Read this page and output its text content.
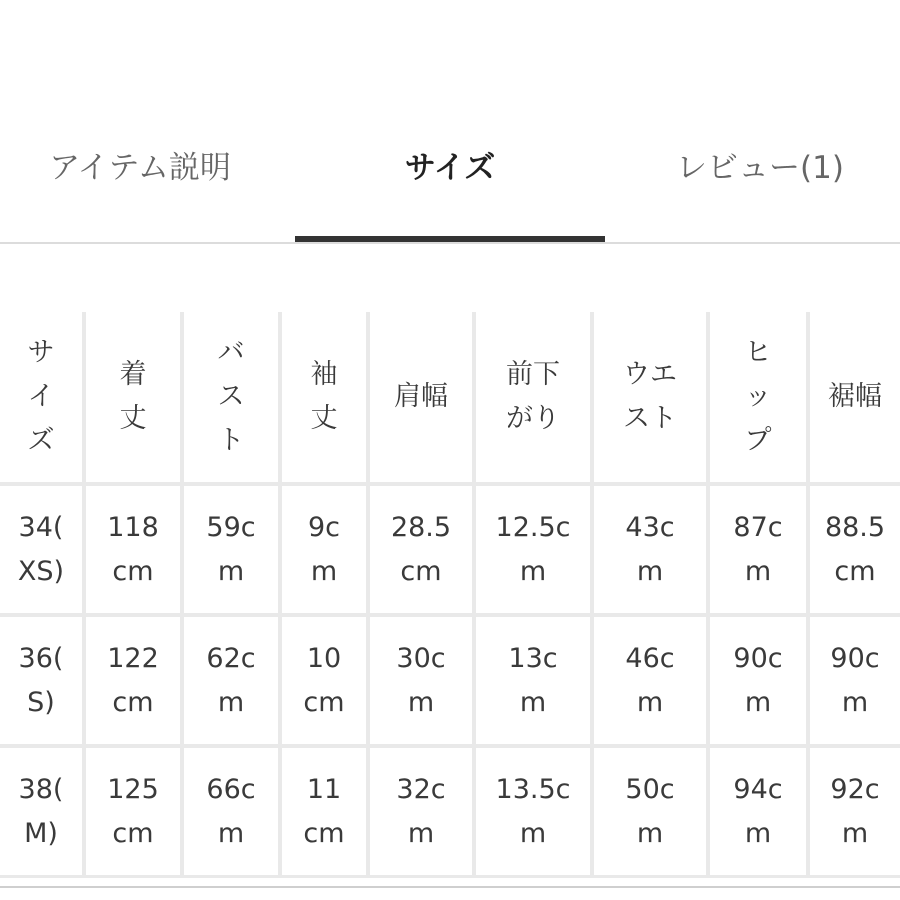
アイテム説明	サイズ	レビュー(1)
サ
イ
ズ
着
丈
バ
ス
ト
袖
丈
肩幅
前下
がり
ウエ
スト
ヒ
ッ
プ
裾幅
34(
XS)
118
cm
59c
m
9c
m
28.5
cm
12.5c
m
43c
m
87c
m
88.5
cm
36(
S)
122
cm
62c
m
10
cm
30c
m
13c
m
46c
m
90c
m
90c
m
38(
M)
125
cm
66c
m
11
cm
32c
m
13.5c
m
50c
m
94c
m
92c
m
